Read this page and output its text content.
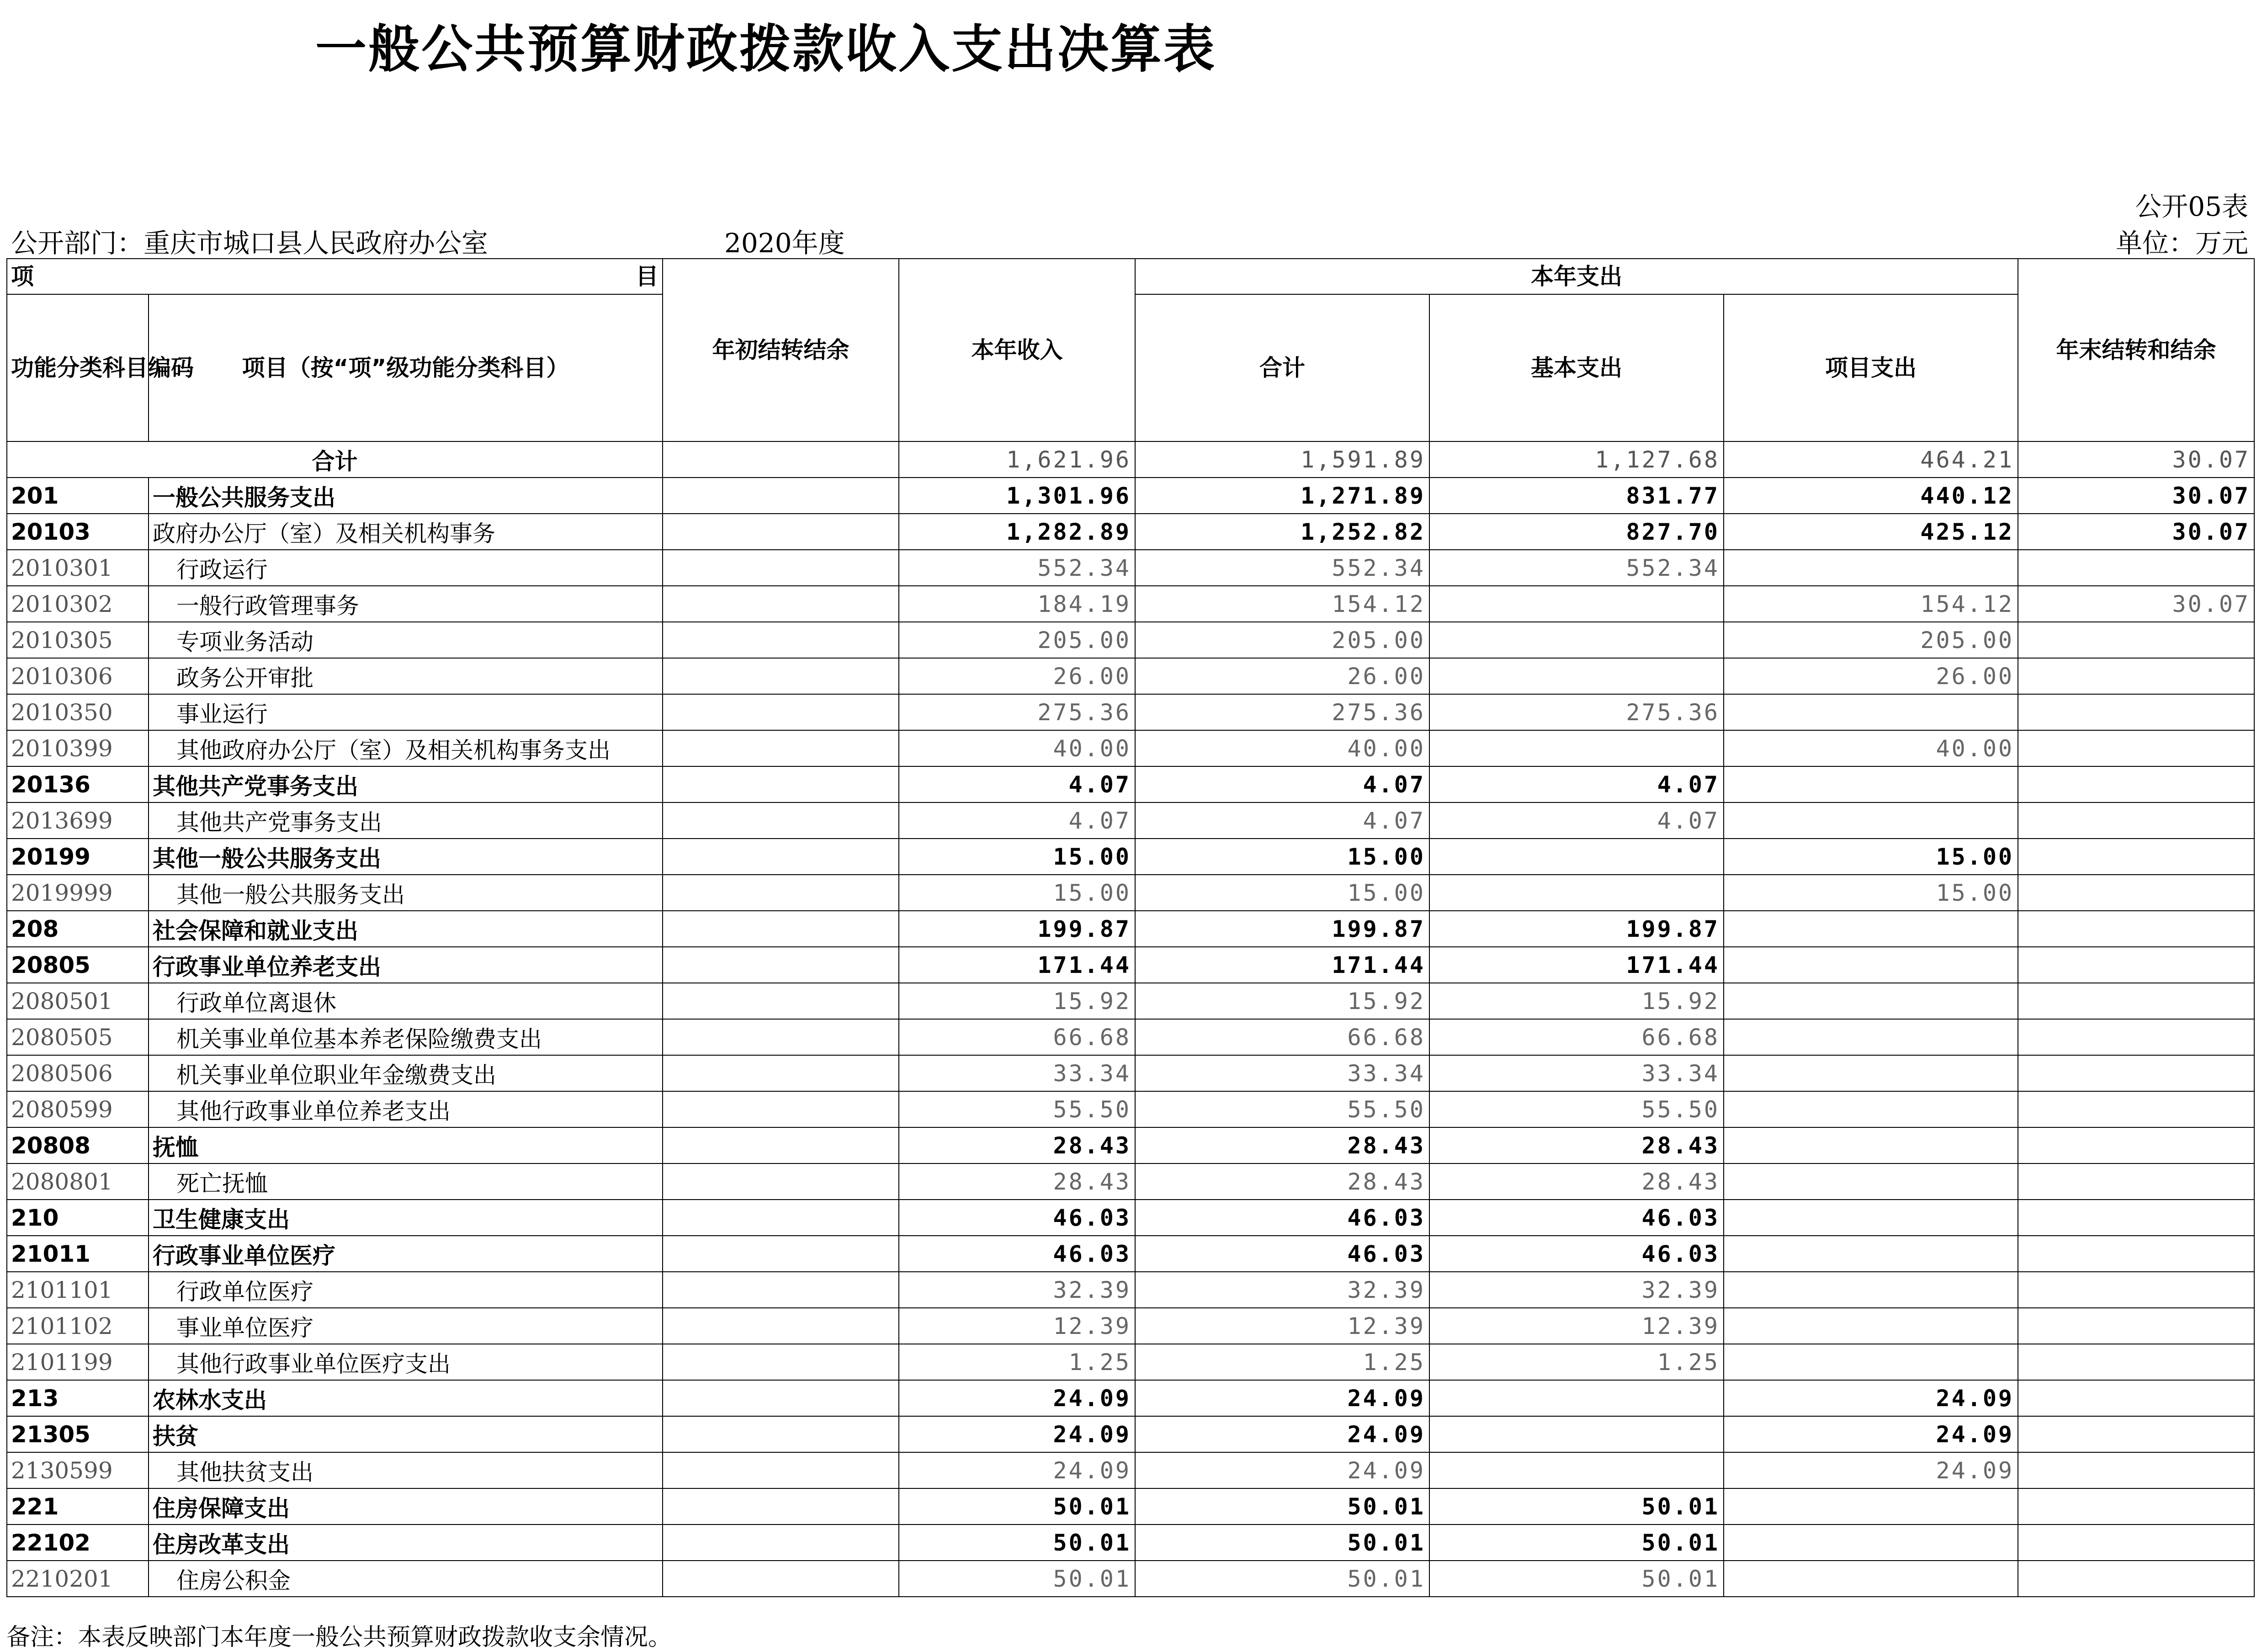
一般公共预算财政拨款收入支出决算表
公开05表
公开部门：重庆市城口县人民政府办公室	2020年度	单位：万元
项 目		年初结转结余	本年收入	本年支出			年末结转和结余
功能分类科目编码	项目（按“项”级功能分类科目）			合计	基本支出	项目支出	
合计			1,621.96	1,591.89	1,127.68	464.21	30.07
201	一般公共服务支出		1,301.96	1,271.89	831.77	440.12	30.07
20103	政府办公厅（室）及相关机构事务		1,282.89	1,252.82	827.70	425.12	30.07
2010301	行政运行		552.34	552.34	552.34		
2010302	一般行政管理事务		184.19	154.12		154.12	30.07
2010305	专项业务活动		205.00	205.00		205.00	
2010306	政务公开审批		26.00	26.00		26.00	
2010350	事业运行		275.36	275.36	275.36		
2010399	其他政府办公厅（室）及相关机构事务支出		40.00	40.00		40.00	
20136	其他共产党事务支出		4.07	4.07	4.07		
2013699	其他共产党事务支出		4.07	4.07	4.07		
20199	其他一般公共服务支出		15.00	15.00		15.00	
2019999	其他一般公共服务支出		15.00	15.00		15.00	
208	社会保障和就业支出		199.87	199.87	199.87		
20805	行政事业单位养老支出		171.44	171.44	171.44		
2080501	行政单位离退休		15.92	15.92	15.92		
2080505	机关事业单位基本养老保险缴费支出		66.68	66.68	66.68		
2080506	机关事业单位职业年金缴费支出		33.34	33.34	33.34		
2080599	其他行政事业单位养老支出		55.50	55.50	55.50		
20808	抚恤		28.43	28.43	28.43		
2080801	死亡抚恤		28.43	28.43	28.43		
210	卫生健康支出		46.03	46.03	46.03		
21011	行政事业单位医疗		46.03	46.03	46.03		
2101101	行政单位医疗		32.39	32.39	32.39		
2101102	事业单位医疗		12.39	12.39	12.39		
2101199	其他行政事业单位医疗支出		1.25	1.25	1.25		
213	农林水支出		24.09	24.09		24.09	
21305	扶贫		24.09	24.09		24.09	
2130599	其他扶贫支出		24.09	24.09		24.09	
221	住房保障支出		50.01	50.01	50.01		
22102	住房改革支出		50.01	50.01	50.01		
2210201	住房公积金		50.01	50.01	50.01		
备注：本表反映部门本年度一般公共预算财政拨款收支余情况。
